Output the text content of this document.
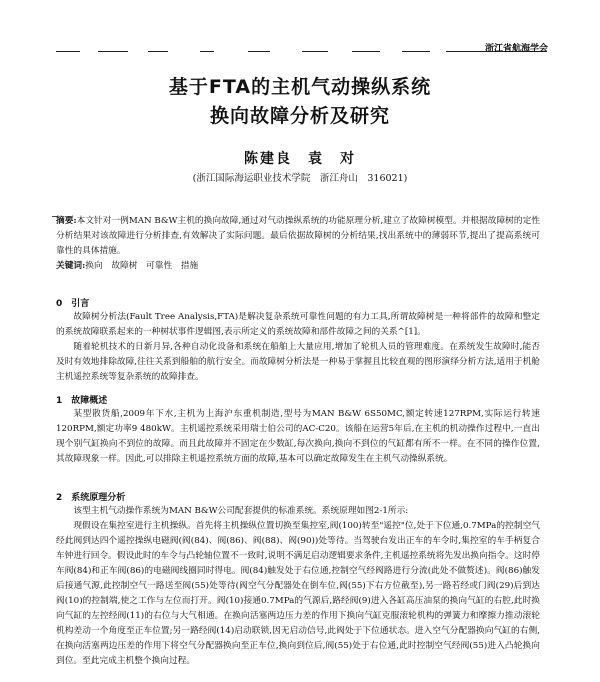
浙江省航海学会
基于FTA的主机气动操纵系统
换向故障分析及研究
陈建良　袁　对
(浙江国际海运职业技术学院　浙江舟山　316021)

摘要:本文针对一例MAN B&W主机的换向故障,通过对气动操纵系统的功能原理分析,建立了故障树模型。并根据故障树的定性分析结果对该故障进行分析排查,有效解决了实际问题。最后依据故障树的分析结果,找出系统中的薄弱环节,提出了提高系统可靠性的具体措施。

关键词:换向　故障树　可靠性　措施

0　引言

故障树分析法(Fault Tree Analysis,FTA)是解决复杂系统可靠性问题的有力工具,所谓故障树是一种将部件的故障和整定的系统故障联系起来的一种树状事件逻辑图,表示所定义的系统故障和部件故障之间的关系^[1]。

随着轮机技术的日新月异,各种自动化设备和系统在船舶上大量应用,增加了轮机人员的管理难度。在系统发生故障时,能否及时有效地排除故障,往往关系到船舶的航行安全。而故障树分析法是一种易于掌握且比较直观的图形演绎分析方法,适用于机舱主机遥控系统等复杂系统的故障排查。

1　故障概述

某型散货船,2009年下水,主机为上海沪东重机制造,型号为MAN B&W 6S50MC,额定转速127RPM,实际运行转速120RPM,额定功率9 480kW。主机遥控系统采用瑞士伯公司的AC-C20。该船在运营5年后,在主机的机动操作过程中,一直出现个别气缸换向不到位的故障。而且此故障并不固定在少数缸,每次换向,换向不到位的气缸都有所不一样。在不同的操作位置,其故障现象一样。因此,可以排除主机遥控系统方面的故障,基本可以确定故障发生在主机气动操纵系统。

2　系统原理分析

该型主机气动操作系统为MAN B&W公司配套提供的标准系统。系统原理如图2-1所示:

现假设在集控室进行主机操纵。首先将主机操纵位置切换至集控室,阀(100)转至"遥控"位,处于下位通,0.7MPa的控制空气经此阀到达四个遥控操纵电磁阀(阀(84)、阀(86)、阀(88)、阀(90))处等待。当驾驶台发出正车的车令时,集控室的车手柄复合车钟进行回令。假设此时的车令与凸轮轴位置不一致时,说明不满足启动逻辑要求条件,主机遥控系统将先发出换向指令。这时停车阀(84)和正车阀(86)的电磁阀线圈同时得电。阀(84)触发处于右位通,控制空气经阀路进行分流(此处不做赘述)。阀(86)触发后接通气源,此控制空气一路送至阀(55)处等待(阀空气分配器处在倒车位,阀(55)下右方位截至),另一路若经或门阀(29)后到达阀(10)的控制端,使之工作与左位而打开。阀(10)接通0.7MPa的气源后,路经阀(9)进入各缸高压油泵的换向气缸的右腔,此时换向气缸的左控经阀(11)的右位与大气相通。在换向活塞两边压力差的作用下换向气缸克服滚轮机构的弹簧力和摩擦力推动滚轮机构差动一个角度至正车位置;另一路经阀(14)启动联锁,因无启动信号,此阀处于下位通状态。进入空气分配器换向气缸的右侧,在换向活塞两边压差的作用下将空气分配器换向至正车位,换向到位后,阀(55)处于右位通,此时控制空气经阀(55)进入凸轮换向到位。至此完成主机整个换向过程。
